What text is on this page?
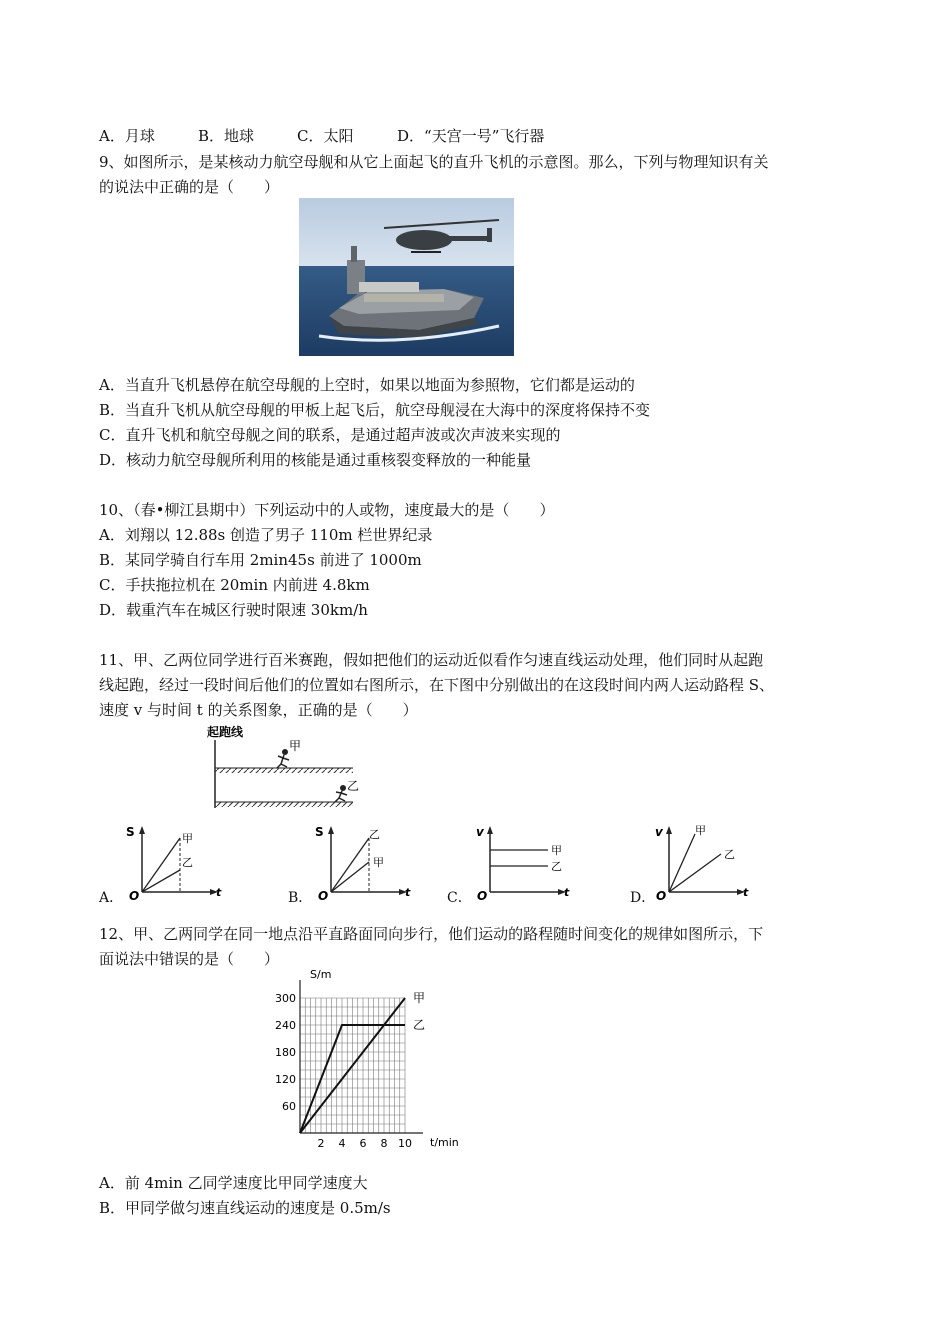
A．月球	B．地球	C．太阳	D．“天宫一号”飞行器
9、如图所示，是某核动力航空母舰和从它上面起飞的直升飞机的示意图。那么，下列与物理知识有关
的说法中正确的是（　　）
A．当直升飞机悬停在航空母舰的上空时，如果以地面为参照物，它们都是运动的
B．当直升飞机从航空母舰的甲板上起飞后，航空母舰浸在大海中的深度将保持不变
C．直升飞机和航空母舰之间的联系，是通过超声波或次声波来实现的
D．核动力航空母舰所利用的核能是通过重核裂变释放的一种能量
10、（春•柳江县期中）下列运动中的人或物，速度最大的是（　　）
A．刘翔以 12.88s 创造了男子 110m 栏世界纪录
B．某同学骑自行车用 2min45s 前进了 1000m
C．手扶拖拉机在 20min 内前进 4.8km
D．载重汽车在城区行驶时限速 30km/h
11、甲、乙两位同学进行百米赛跑，假如把他们的运动近似看作匀速直线运动处理，他们同时从起跑
线起跑，经过一段时间后他们的位置如右图所示，在下图中分别做出的在这段时间内两人运动路程 S、
速度 v 与时间 t 的关系图象，正确的是（　　）
起跑线
甲
乙
A．
S
O	t
甲
乙
B．
S
O	t
乙
甲
C．
v
O	t
甲
乙
D．
v
O	t
甲
乙
12、甲、乙两同学在同一地点沿平直路面同向步行，他们运动的路程随时间变化的规律如图所示，下
面说法中错误的是（　　）
S/m
t/min
60
120
180
240
300
2 4 6 8 10
甲
乙
A．前 4min 乙同学速度比甲同学速度大
B．甲同学做匀速直线运动的速度是 0.5m/s
